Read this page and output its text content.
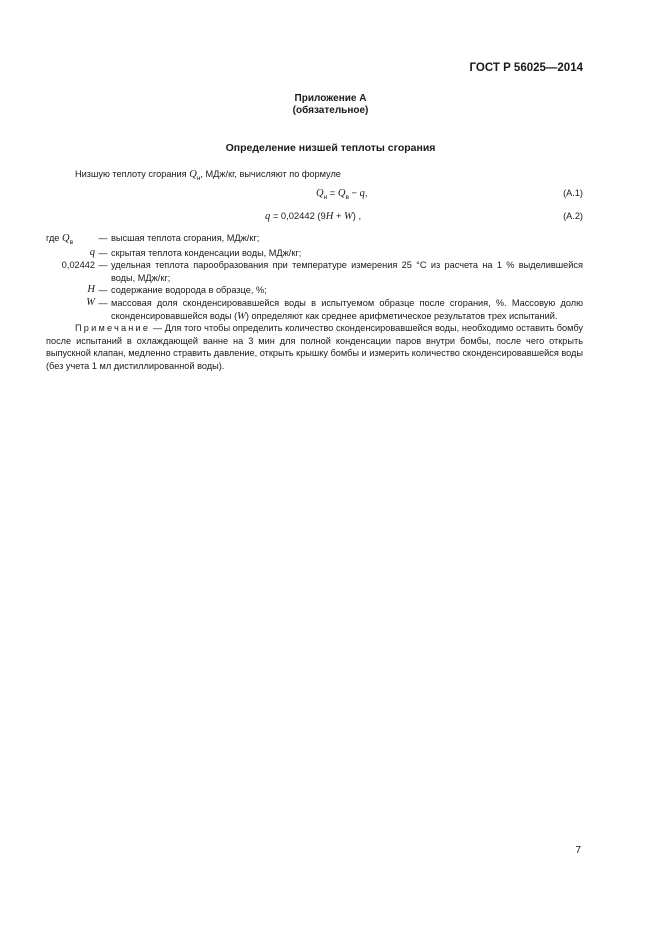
ГОСТ Р 56025—2014
Приложение А
(обязательное)
Определение низшей теплоты сгорания
Низшую теплоту сгорания $Q_н$, МДж/кг, вычисляют по формуле
$Q_н = Q_в - q$,	(A.1)
q = 0,02442 (9H + W) ,	(A.2)
где $Q_в$	— высшая теплота сгорания, МДж/кг;
q — скрытая теплота конденсации воды, МДж/кг;
0,02442 — удельная теплота парообразования при температуре измерения 25 °С из расчета на 1 % выделившейся воды, МДж/кг;
H — содержание водорода в образце, %;
W — массовая доля сконденсировавшейся воды в испытуемом образце после сгорания, %. Массовую долю сконденсировавшейся воды (W) определяют как среднее арифметическое результатов трех испытаний.
Примечание — Для того чтобы определить количество сконденсировавшейся воды, необходимо оставить бомбу после испытаний в охлаждающей ванне на 3 мин для полной конденсации паров внутри бомбы, после чего открыть выпускной клапан, медленно стравить давление, открыть крышку бомбы и измерить количество сконденсировавшейся воды (без учета 1 мл дистиллированной воды).
7
